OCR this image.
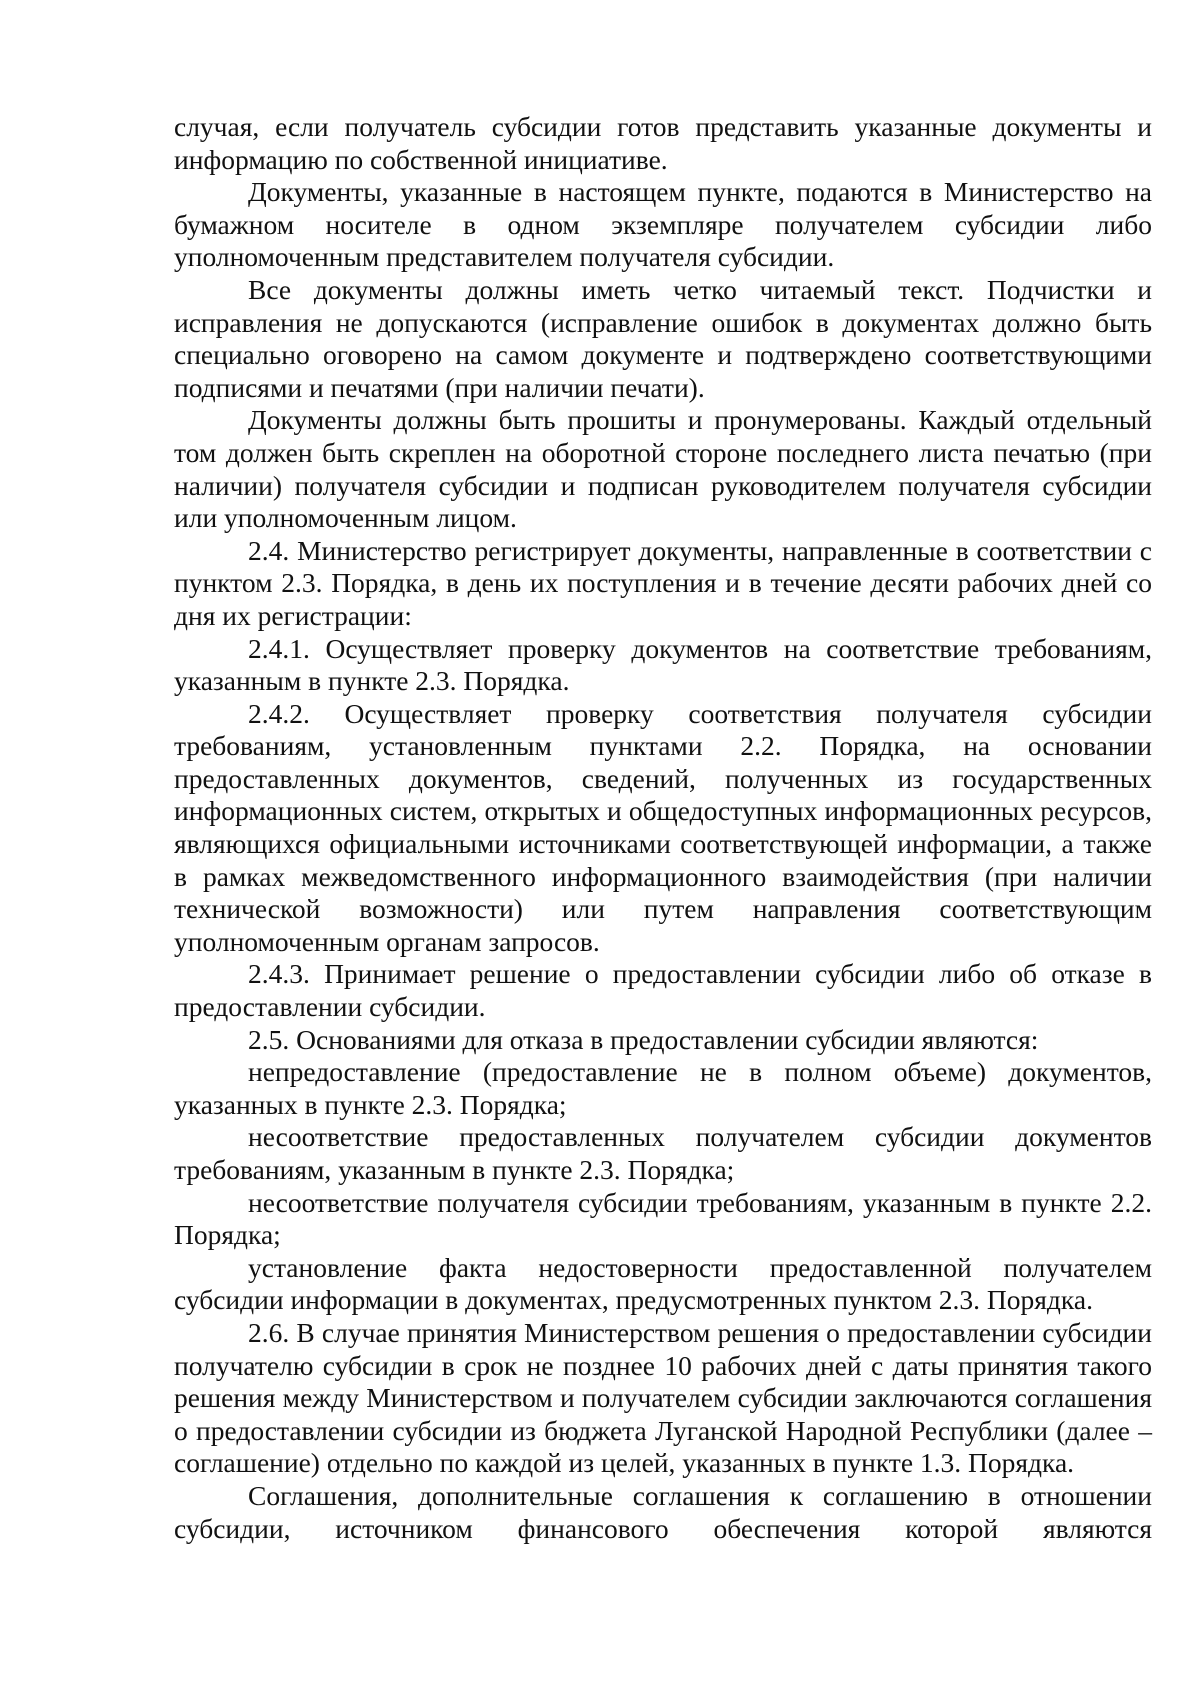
случая, если получатель субсидии готов представить указанные документы и информацию по собственной инициативе.

Документы, указанные в настоящем пункте, подаются в Министерство на бумажном носителе в одном экземпляре получателем субсидии либо уполномоченным представителем получателя субсидии.

Все документы должны иметь четко читаемый текст. Подчистки и исправления не допускаются (исправление ошибок в документах должно быть специально оговорено на самом документе и подтверждено соответствующими подписями и печатями (при наличии печати).

Документы должны быть прошиты и пронумерованы. Каждый отдельный том должен быть скреплен на оборотной стороне последнего листа печатью (при наличии) получателя субсидии и подписан руководителем получателя субсидии или уполномоченным лицом.

2.4. Министерство регистрирует документы, направленные в соответствии с пунктом 2.3. Порядка, в день их поступления и в течение десяти рабочих дней со дня их регистрации:

2.4.1. Осуществляет проверку документов на соответствие требованиям, указанным в пункте 2.3. Порядка.

2.4.2. Осуществляет проверку соответствия получателя субсидии требованиям, установленным пунктами 2.2. Порядка, на основании предоставленных документов, сведений, полученных из государственных информационных систем, открытых и общедоступных информационных ресурсов, являющихся официальными источниками соответствующей информации, а также в рамках межведомственного информационного взаимодействия (при наличии технической возможности) или путем направления соответствующим уполномоченным органам запросов.

2.4.3. Принимает решение о предоставлении субсидии либо об отказе в предоставлении субсидии.

2.5. Основаниями для отказа в предоставлении субсидии являются:

непредоставление (предоставление не в полном объеме) документов, указанных в пункте 2.3. Порядка;

несоответствие предоставленных получателем субсидии документов требованиям, указанным в пункте 2.3. Порядка;

несоответствие получателя субсидии требованиям, указанным в пункте 2.2. Порядка;

установление факта недостоверности предоставленной получателем субсидии информации в документах, предусмотренных пунктом 2.3. Порядка.

2.6. В случае принятия Министерством решения о предоставлении субсидии получателю субсидии в срок не позднее 10 рабочих дней с даты принятия такого решения между Министерством и получателем субсидии заключаются соглашения о предоставлении субсидии из бюджета Луганской Народной Республики (далее – соглашение) отдельно по каждой из целей, указанных в пункте 1.3. Порядка.

Соглашения, дополнительные соглашения к соглашению в отношении субсидии, источником финансового обеспечения которой являются
